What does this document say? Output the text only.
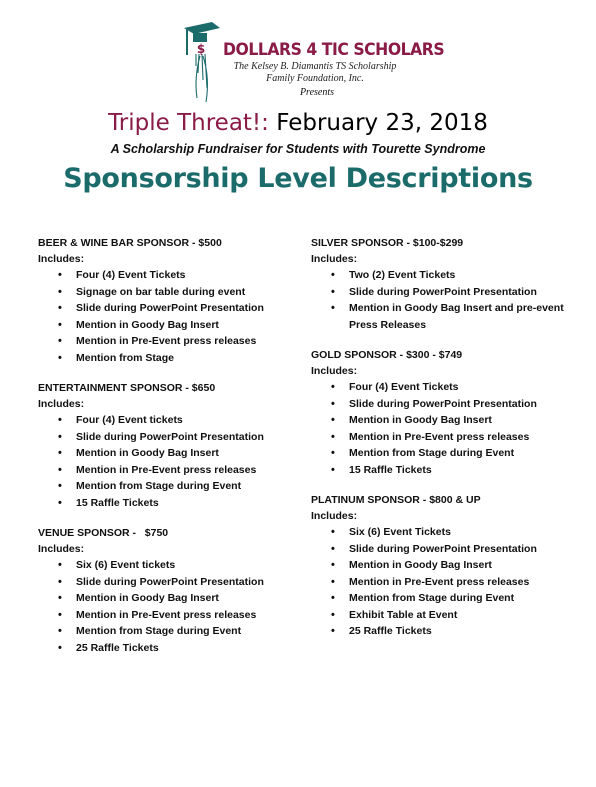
$ DOLLARS 4 TIC SCHOLARS
The Kelsey B. Diamantis TS Scholarship Family Foundation, Inc.
Presents
Triple Threat!: February 23, 2018
A Scholarship Fundraiser for Students with Tourette Syndrome
Sponsorship Level Descriptions
BEER & WINE BAR SPONSOR - $500
Includes:
• Four (4) Event Tickets
• Signage on bar table during event
• Slide during PowerPoint Presentation
• Mention in Goody Bag Insert
• Mention in Pre-Event press releases
• Mention from Stage
ENTERTAINMENT SPONSOR - $650
Includes:
• Four (4) Event tickets
• Slide during PowerPoint Presentation
• Mention in Goody Bag Insert
• Mention in Pre-Event press releases
• Mention from Stage during Event
• 15 Raffle Tickets
VENUE SPONSOR -   $750
Includes:
• Six (6) Event tickets
• Slide during PowerPoint Presentation
• Mention in Goody Bag Insert
• Mention in Pre-Event press releases
• Mention from Stage during Event
• 25 Raffle Tickets
SILVER SPONSOR - $100-$299
Includes:
• Two (2) Event Tickets
• Slide during PowerPoint Presentation
• Mention in Goody Bag Insert and pre-event Press Releases
GOLD SPONSOR - $300 - $749
Includes:
• Four (4) Event Tickets
• Slide during PowerPoint Presentation
• Mention in Goody Bag Insert
• Mention in Pre-Event press releases
• Mention from Stage during Event
• 15 Raffle Tickets
PLATINUM SPONSOR - $800 & UP
Includes:
• Six (6) Event Tickets
• Slide during PowerPoint Presentation
• Mention in Goody Bag Insert
• Mention in Pre-Event press releases
• Mention from Stage during Event
• Exhibit Table at Event
• 25 Raffle Tickets
